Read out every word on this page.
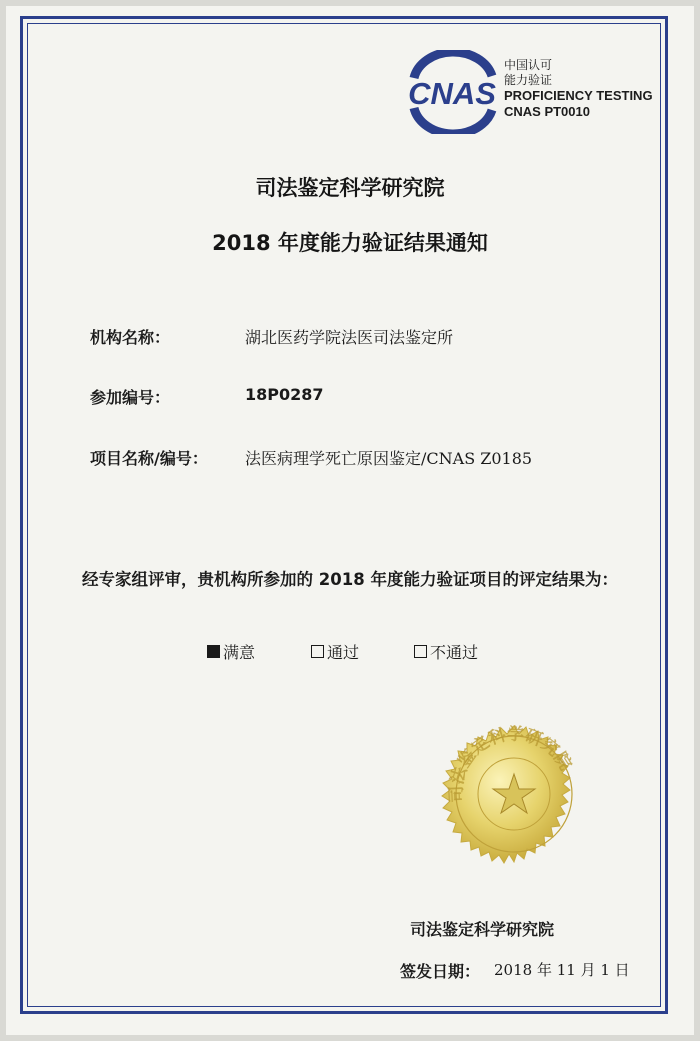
CNAS
中国认可
能力验证
PROFICIENCY TESTING
CNAS PT0010
司法鉴定科学研究院
2018 年度能力验证结果通知
机构名称：	湖北医药学院法医司法鉴定所
参加编号：	18P0287
项目名称/编号： 法医病理学死亡原因鉴定/CNAS Z0185
经专家组评审，贵机构所参加的 2018 年度能力验证项目的评定结果为：
满意	通过	不通过
司法鉴定科学研究院
司法鉴定科学研究院
签发日期： 2018 年 11 月 1 日
